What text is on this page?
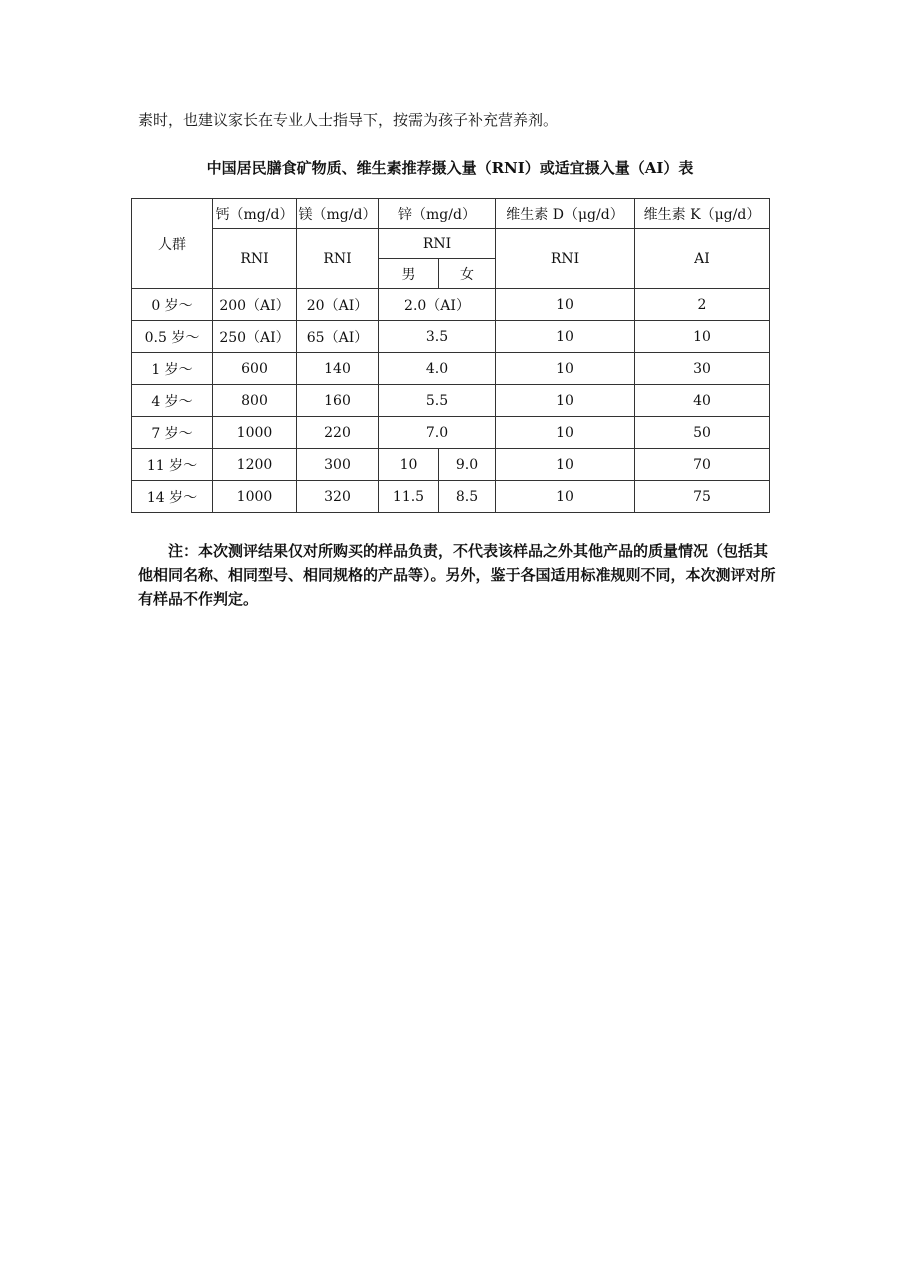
素时，也建议家长在专业人士指导下，按需为孩子补充营养剂。
中国居民膳食矿物质、维生素推荐摄入量（RNI）或适宜摄入量（AI）表
人群	钙（mg/d）	镁（mg/d）	锌（mg/d）		维生素 D（μg/d）	维生素 K（μg/d）
	RNI	RNI	RNI		RNI	AI
			男	女		
0 岁～	200（AI）	20（AI）	2.0（AI）		10	2
0.5 岁～	250（AI）	65（AI）	3.5		10	10
1 岁～	600	140	4.0		10	30
4 岁～	800	160	5.5		10	40
7 岁～	1000	220	7.0		10	50
11 岁～	1200	300	10	9.0	10	70
14 岁～	1000	320	11.5	8.5	10	75

注：本次测评结果仅对所购买的样品负责，不代表该样品之外其他产品的质量情况（包括其他相同名称、相同型号、相同规格的产品等）。另外，鉴于各国适用标准规则不同，本次测评对所有样品不作判定。
